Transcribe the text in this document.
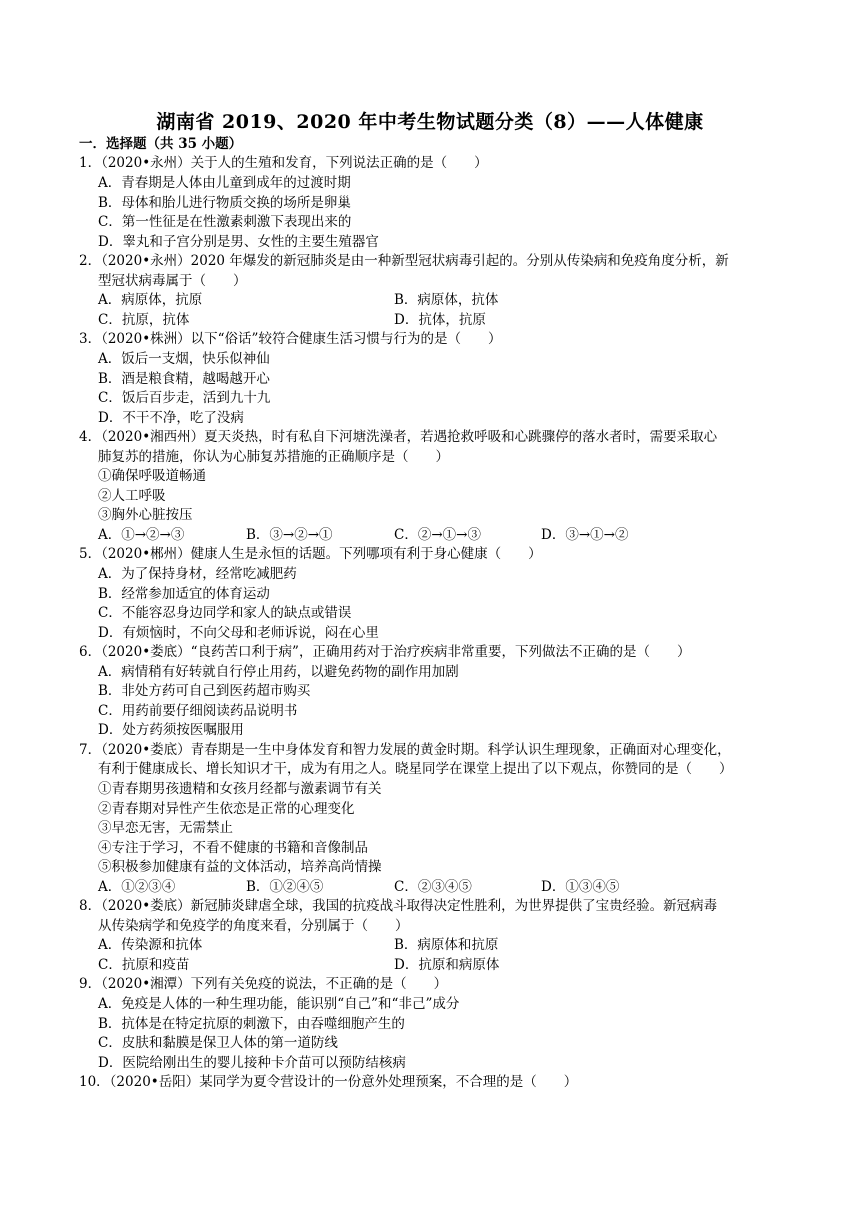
湖南省 2019、2020 年中考生物试题分类（8）——人体健康
一．选择题（共 35 小题）
1．（2020•永州）关于人的生殖和发育，下列说法正确的是（　　）
A．青春期是人体由儿童到成年的过渡时期
B．母体和胎儿进行物质交换的场所是卵巢
C．第一性征是在性激素刺激下表现出来的
D．睾丸和子宫分别是男、女性的主要生殖器官
2．（2020•永州）2020 年爆发的新冠肺炎是由一种新型冠状病毒引起的。分别从传染病和免疫角度分析，新
型冠状病毒属于（　　）
A．病原体，抗原	B．病原体，抗体
C．抗原，抗体	D．抗体，抗原
3．（2020•株洲）以下“俗话”较符合健康生活习惯与行为的是（　　）
A．饭后一支烟，快乐似神仙
B．酒是粮食精，越喝越开心
C．饭后百步走，活到九十九
D．不干不净，吃了没病
4．（2020•湘西州）夏天炎热，时有私自下河塘洗澡者，若遇抢救呼吸和心跳骤停的落水者时，需要采取心
肺复苏的措施，你认为心肺复苏措施的正确顺序是（　　）
①确保呼吸道畅通
②人工呼吸
③胸外心脏按压
A．①→②→③	B．③→②→①	C．②→①→③	D．③→①→②
5．（2020•郴州）健康人生是永恒的话题。下列哪项有利于身心健康（　　）
A．为了保持身材，经常吃减肥药
B．经常参加适宜的体育运动
C．不能容忍身边同学和家人的缺点或错误
D．有烦恼时，不向父母和老师诉说，闷在心里
6．（2020•娄底）“良药苦口利于病”，正确用药对于治疗疾病非常重要，下列做法不正确的是（　　）
A．病情稍有好转就自行停止用药，以避免药物的副作用加剧
B．非处方药可自己到医药超市购买
C．用药前要仔细阅读药品说明书
D．处方药须按医嘱服用
7．（2020•娄底）青春期是一生中身体发育和智力发展的黄金时期。科学认识生理现象，正确面对心理变化，
有利于健康成长、增长知识才干，成为有用之人。晓星同学在课堂上提出了以下观点，你赞同的是（　　）
①青春期男孩遗精和女孩月经都与激素调节有关
②青春期对异性产生依恋是正常的心理变化
③早恋无害，无需禁止
④专注于学习，不看不健康的书籍和音像制品
⑤积极参加健康有益的文体活动，培养高尚情操
A．①②③④	B．①②④⑤	C．②③④⑤	D．①③④⑤
8．（2020•娄底）新冠肺炎肆虐全球，我国的抗疫战斗取得决定性胜利，为世界提供了宝贵经验。新冠病毒
从传染病学和免疫学的角度来看，分别属于（　　）
A．传染源和抗体	B．病原体和抗原
C．抗原和疫苗	D．抗原和病原体
9．（2020•湘潭）下列有关免疫的说法，不正确的是（　　）
A．免疫是人体的一种生理功能，能识别“自己”和“非己”成分
B．抗体是在特定抗原的刺激下，由吞噬细胞产生的
C．皮肤和黏膜是保卫人体的第一道防线
D．医院给刚出生的婴儿接种卡介苗可以预防结核病
10．（2020•岳阳）某同学为夏令营设计的一份意外处理预案，不合理的是（　　）
